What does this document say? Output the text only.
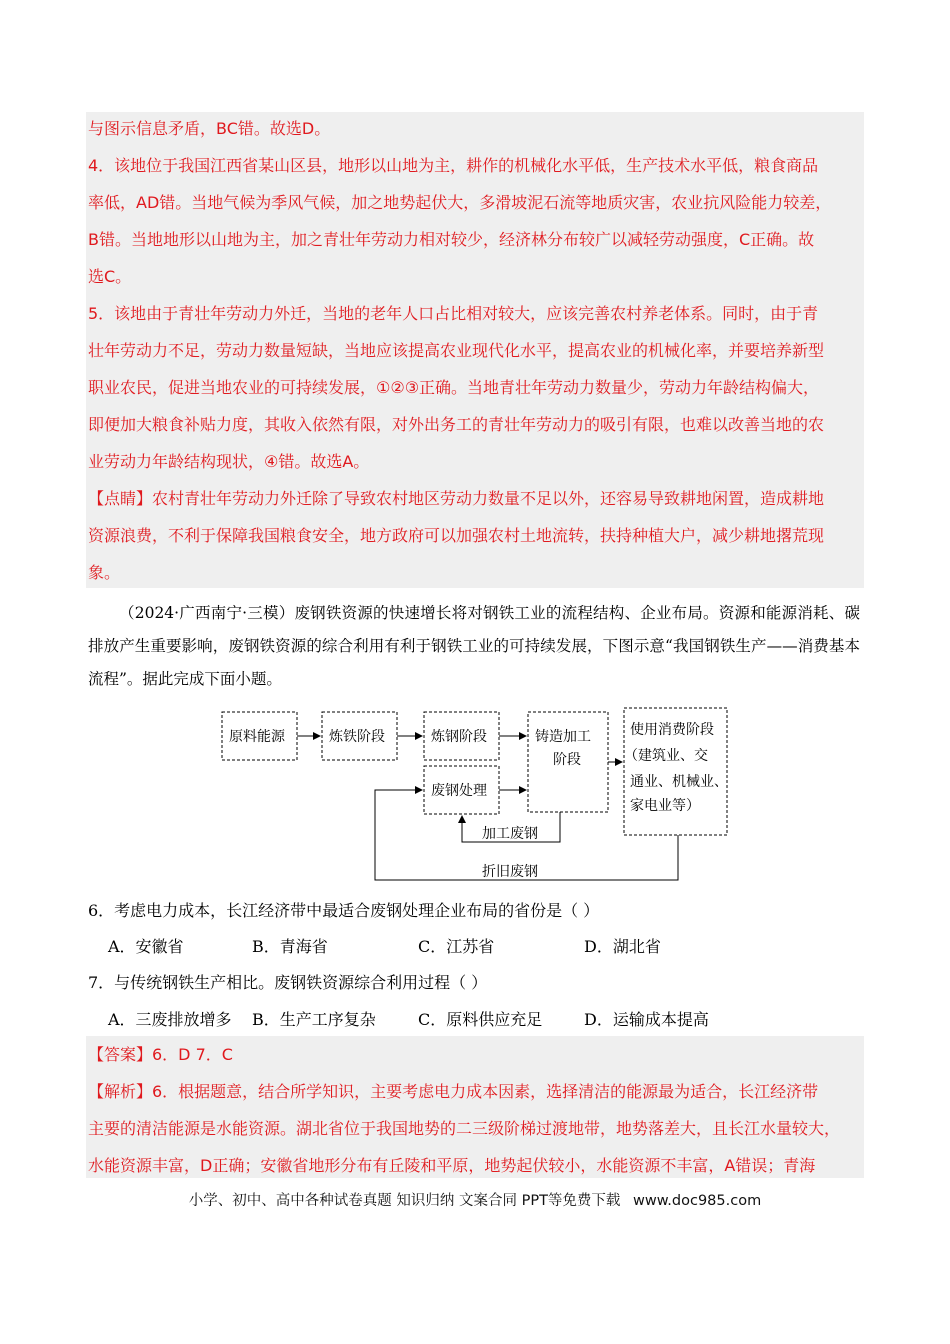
与图示信息矛盾，BC错。故选D。

4．该地位于我国江西省某山区县，地形以山地为主，耕作的机械化水平低，生产技术水平低，粮食商品

率低，AD错。当地气候为季风气候，加之地势起伏大，多滑坡泥石流等地质灾害，农业抗风险能力较差，

B错。当地地形以山地为主，加之青壮年劳动力相对较少，经济林分布较广以减轻劳动强度，C正确。故

选C。

5．该地由于青壮年劳动力外迁，当地的老年人口占比相对较大，应该完善农村养老体系。同时，由于青

壮年劳动力不足，劳动力数量短缺，当地应该提高农业现代化水平，提高农业的机械化率，并要培养新型

职业农民，促进当地农业的可持续发展，①②③正确。当地青壮年劳动力数量少，劳动力年龄结构偏大，

即便加大粮食补贴力度，其收入依然有限，对外出务工的青壮年劳动力的吸引有限，也难以改善当地的农

业劳动力年龄结构现状，④错。故选A。

【点睛】农村青壮年劳动力外迁除了导致农村地区劳动力数量不足以外，还容易导致耕地闲置，造成耕地

资源浪费，不利于保障我国粮食安全，地方政府可以加强农村土地流转，扶持种植大户，减少耕地撂荒现

象。

（2024·广西南宁·三模）废钢铁资源的快速增长将对钢铁工业的流程结构、企业布局。资源和能源消耗、碳排放产生重要影响，废钢铁资源的综合利用有利于钢铁工业的可持续发展，下图示意“我国钢铁生产——消费基本流程”。据此完成下面小题。

原料能源	炼铁阶段	炼钢阶段	铸造加工
阶段
使用消费阶段
（建筑业、交
通业、机械业、
家电业等）
废钢处理
加工废钢
折旧废钢
6．考虑电力成本，长江经济带中最适合废钢处理企业布局的省份是（ ）
A．安徽省	B．青海省	C．江苏省	D．湖北省
7．与传统钢铁生产相比。废钢铁资源综合利用过程（ ）
A．三废排放增多 B．生产工序复杂	C．原料供应充足	D．运输成本提高

【答案】6．D 7．C

【解析】6．根据题意，结合所学知识，主要考虑电力成本因素，选择清洁的能源最为适合，长江经济带

主要的清洁能源是水能资源。湖北省位于我国地势的二三级阶梯过渡地带，地势落差大，且长江水量较大，

水能资源丰富，D正确；安徽省地形分布有丘陵和平原，地势起伏较小，水能资源不丰富，A错误；青海

小学、初中、高中各种试卷真题 知识归纳 文案合同 PPT等免费下载 www.doc985.com
